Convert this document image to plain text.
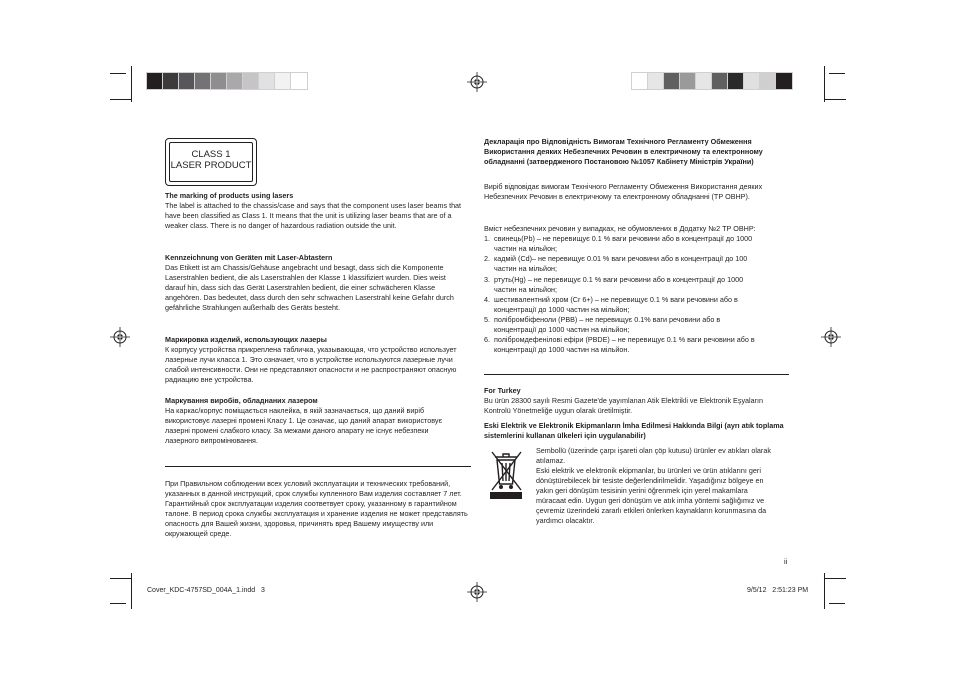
CLASS 1
LASER PRODUCT
The marking of products using lasers
The label is attached to the chassis/case and says that the component uses laser beams that have been classified as Class 1. It means that the unit is utilizing laser beams that are of a weaker class. There is no danger of hazardous radiation outside the unit.
Kennzeichnung von Geräten mit Laser-Abtastern
Das Etikett ist am Chassis/Gehäuse angebracht und besagt, dass sich die Komponente Laserstrahlen bedient, die als Laserstrahlen der Klasse 1 klassifiziert wurden. Dies weist darauf hin, dass sich das Gerät Laserstrahlen bedient, die einer schwächeren Klasse angehören. Das bedeutet, dass durch den sehr schwachen Laserstrahl keine Gefahr durch gefährliche Strahlungen außerhalb des Geräts besteht.
Маркировка изделий, использующих лазеры
К корпусу устройства прикреплена табличка, указывающая, что устройство использует лазерные лучи класса 1. Это означает, что в устройстве используются лазерные лучи слабой интенсивности. Они не представляют опасности и не распространяют опасную радиацию вне устройства.
Маркування виробів, обладнаних лазером
На каркас/корпус поміщається наклейка, в якій зазначається, що даний виріб використовує лазерні промені Класу 1. Це означає, що даний апарат використовує лазерні промені слабкого класу. За межами даного апарату не існує небезпеки лазерного випромінювання.
При Правильном соблюдении всех условий эксплуатации и технических требований, указанных в данной инструкций, срок службы купленного Вам изделия составляет 7 лет. Гарантийный срок эксплуатации изделия соответвует сроку, указанному в гарантийном талоне. В период срока службы эксплуатация и хранение изделия не может представлять опасность для Вашей жизни, здоровья, причинять вред Вашему имуществу или окружающей среде.
Декларація про Відповідність Вимогам Технічного Регламенту Обмеження Використання деяких Небезпечних Речовин в електричному та електронному обладнанні (затвердженого Постановою №1057 Кабінету Міністрів України)
Виріб відповідає вимогам Технічного Регламенту Обмеження Використання деяких Небезпечних Речовин в електричному та електронному обладнанні (ТР ОВНР).
Вмiст небезпечних речовин у випадках, не обумовлених в Додатку №2 ТР ОВНР:
1. свинець(Pb) – не перевищує 0.1 % ваги речовини або в концентрації до 1000 частин на мільйон;
2. кадмій (Cd)– не перевищує 0.01 % ваги речовини або в концентрації до 100 частин на мільйон;
3. ртуть(Hg) – не перевищує 0.1 % ваги речовини або в концентрації до 1000 частин на мільйон;
4. шестивалентний хром (Cr 6+) – не перевищує 0.1 % ваги речовини або в концентрації до 1000 частин на мільйон;
5. полібромбіфеноли (PBB) – не перевищує 0.1% ваги речовини або в концентрації до 1000 частин на мільйон;
6. полібромдефенілові ефіри (PBDE) – не перевищує 0.1 % ваги речовини або в концентрації до 1000 частин на мільйон.
For Turkey
Bu ürün 28300 sayılı Resmi Gazete'de yayımlanan Atik Elektrikli ve Elektronik Eşyaların Kontrolü Yönetmeliğe uygun olarak üretilmiştir.
Eski Elektrik ve Elektronik Ekipmanların İmha Edilmesi Hakkında Bilgi (ayrı atık toplama sistemlerini kullanan ülkeleri için uygulanabilir)
Sembollü (üzerinde çarpı işareti olan çöp kutusu) ürünler ev atıkları olarak atılamaz.
Eski elektrik ve elektronik ekipmanlar, bu ürünleri ve ürün atıklarını geri dönüştürebilecek bir tesiste değerlendirilmelidir. Yaşadığınız bölgeye en yakın geri dönüşüm tesisinin yerini öğrenmek için yerel makamlara müracaat edin. Uygun geri dönüşüm ve atık imha yöntemi sağlığımız ve çevremiz üzerindeki zararlı etkileri önlerken kaynakların korunmasına da yardımcı olacaktır.
ii
Cover_KDC-4757SD_004A_1.indd   3	9/5/12   2:51:23 PM
